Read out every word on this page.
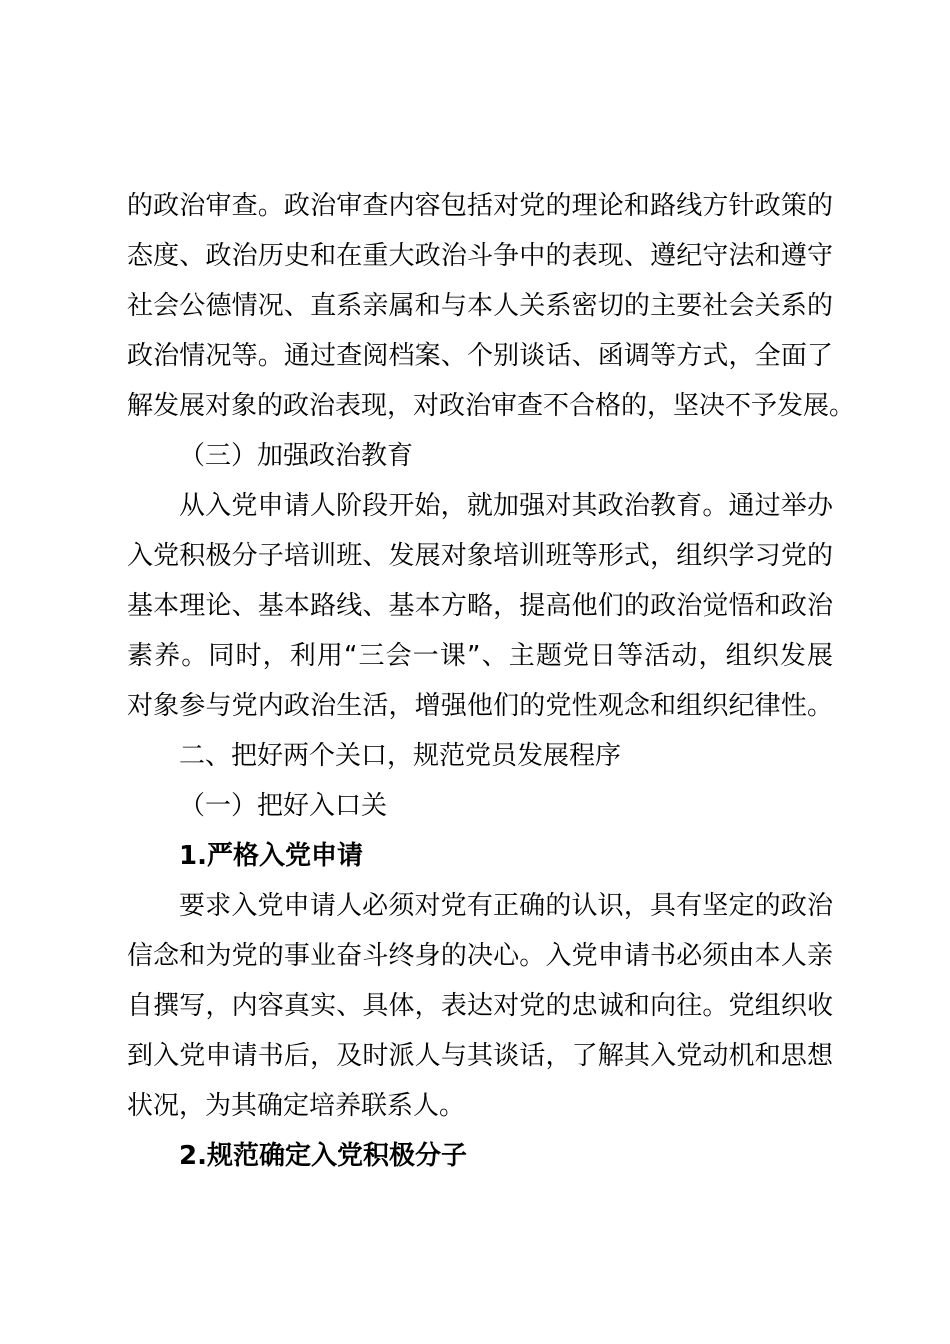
的政治审查。政治审查内容包括对党的理论和路线方针政策的
态度、政治历史和在重大政治斗争中的表现、遵纪守法和遵守
社会公德情况、直系亲属和与本人关系密切的主要社会关系的
政治情况等。通过查阅档案、个别谈话、函调等方式，全面了
解发展对象的政治表现，对政治审查不合格的，坚决不予发展。
（三）加强政治教育
从入党申请人阶段开始，就加强对其政治教育。通过举办
入党积极分子培训班、发展对象培训班等形式，组织学习党的
基本理论、基本路线、基本方略，提高他们的政治觉悟和政治
素养。同时，利用“三会一课”、主题党日等活动，组织发展
对象参与党内政治生活，增强他们的党性观念和组织纪律性。
二、把好两个关口，规范党员发展程序
（一）把好入口关
1.严格入党申请
要求入党申请人必须对党有正确的认识，具有坚定的政治
信念和为党的事业奋斗终身的决心。入党申请书必须由本人亲
自撰写，内容真实、具体，表达对党的忠诚和向往。党组织收
到入党申请书后，及时派人与其谈话，了解其入党动机和思想
状况，为其确定培养联系人。
2.规范确定入党积极分子
